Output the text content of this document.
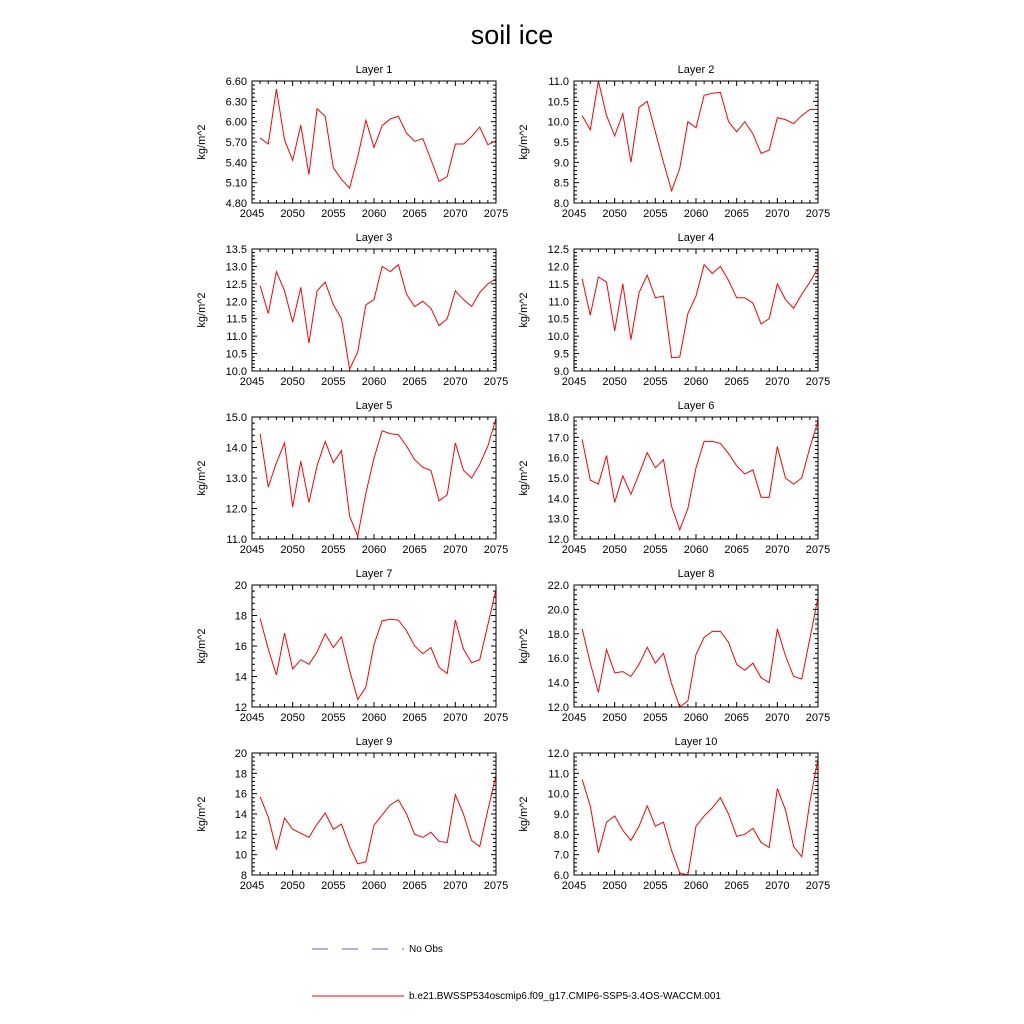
soil ice
Layer 1
kg/m^2
2045 2050 2055 2060 2065 2070 2075
4.80
5.10
5.40
5.70
6.00
6.30
6.60
Layer 2
kg/m^2
2045 2050 2055 2060 2065 2070 2075
8.0
8.5
9.0
9.5
10.0
10.5
11.0
Layer 3
kg/m^2
2045 2050 2055 2060 2065 2070 2075
10.0
10.5
11.0
11.5
12.0
12.5
13.0
13.5
Layer 4
kg/m^2
2045 2050 2055 2060 2065 2070 2075
9.0
9.5
10.0
10.5
11.0
11.5
12.0
12.5
Layer 5
kg/m^2
2045 2050 2055 2060 2065 2070 2075
11.0
12.0
13.0
14.0
15.0
Layer 6
kg/m^2
2045 2050 2055 2060 2065 2070 2075
12.0
13.0
14.0
15.0
16.0
17.0
18.0
Layer 7
kg/m^2
2045 2050 2055 2060 2065 2070 2075
12
14
16
18
20
Layer 8
kg/m^2
2045 2050 2055 2060 2065 2070 2075
12.0
14.0
16.0
18.0
20.0
22.0
Layer 9
kg/m^2
2045 2050 2055 2060 2065 2070 2075
8
10
12
14
16
18
20
Layer 10
kg/m^2
2045 2050 2055 2060 2065 2070 2075
6.0
7.0
8.0
9.0
10.0
11.0
12.0
No Obs
b.e21.BWSSP534oscmip6.f09_g17.CMIP6-SSP5-3.4OS-WACCM.001
